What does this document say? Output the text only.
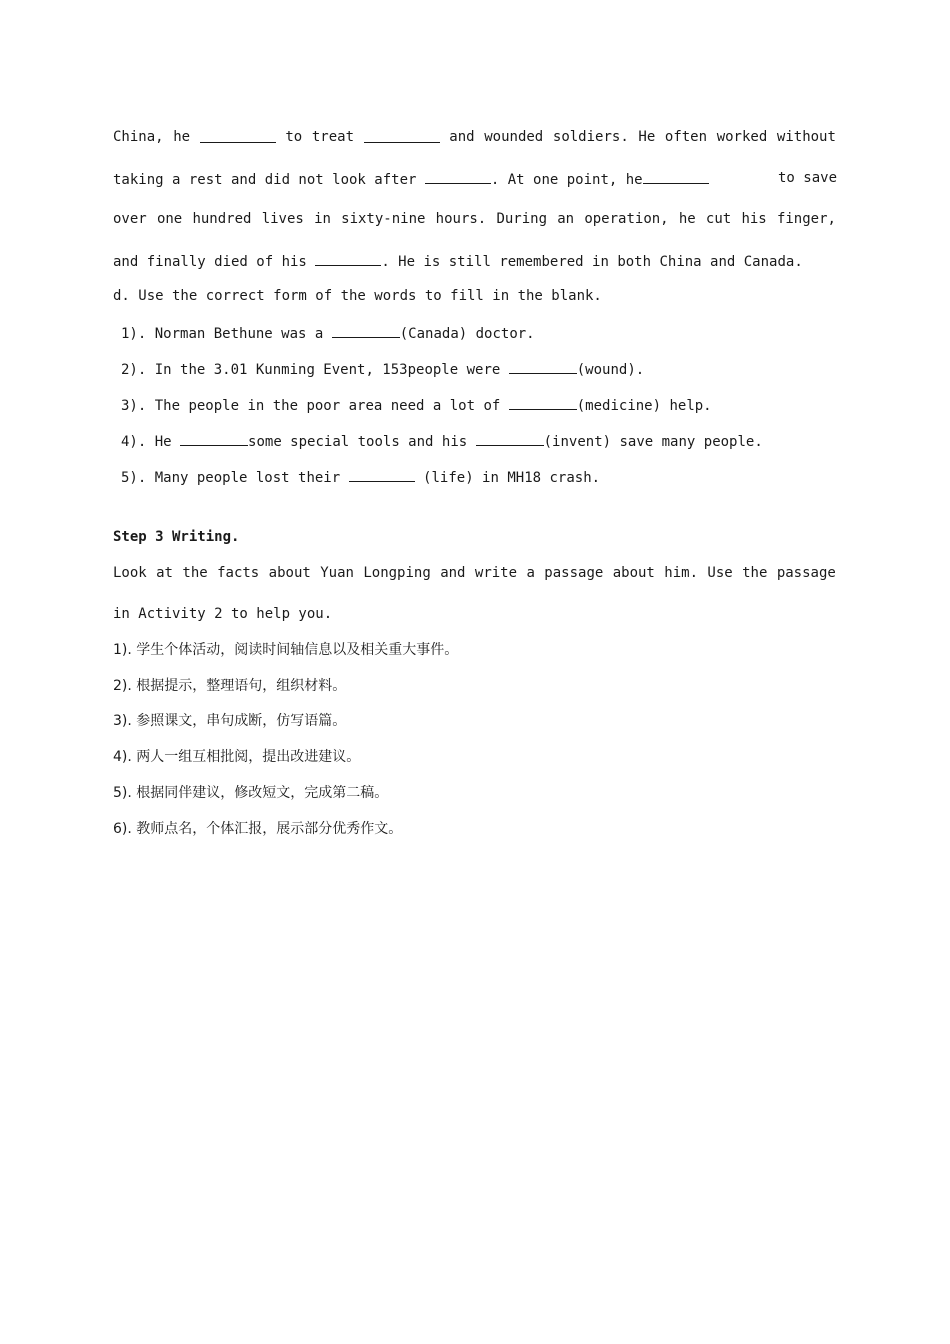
China, he	to treat	and wounded soldiers. He often worked without
taking a rest and did not look after	. At one point, he	to save
over one hundred lives in sixty-nine hours. During an operation, he cut his finger,
and finally died of his	. He is still remembered in both China and Canada.
d. Use the correct form of the words to fill in the blank.
1). Norman Bethune was a	(Canada) doctor.
2). In the 3.01 Kunming Event, 153people were	(wound).
3). The people in the poor area need a lot of	(medicine) help.
4). He	some special tools and his	(invent) save many people.
5). Many people lost their	(life) in MH18 crash.
Step 3 Writing.
Look at the facts about Yuan Longping and write a passage about him. Use the passage
in Activity 2 to help you.
1). 学生个体活动，阅读时间轴信息以及相关重大事件。
2). 根据提示，整理语句，组织材料。
3). 参照课文，串句成断，仿写语篇。
4). 两人一组互相批阅，提出改进建议。
5). 根据同伴建议，修改短文，完成第二稿。
6). 教师点名，个体汇报，展示部分优秀作文。
